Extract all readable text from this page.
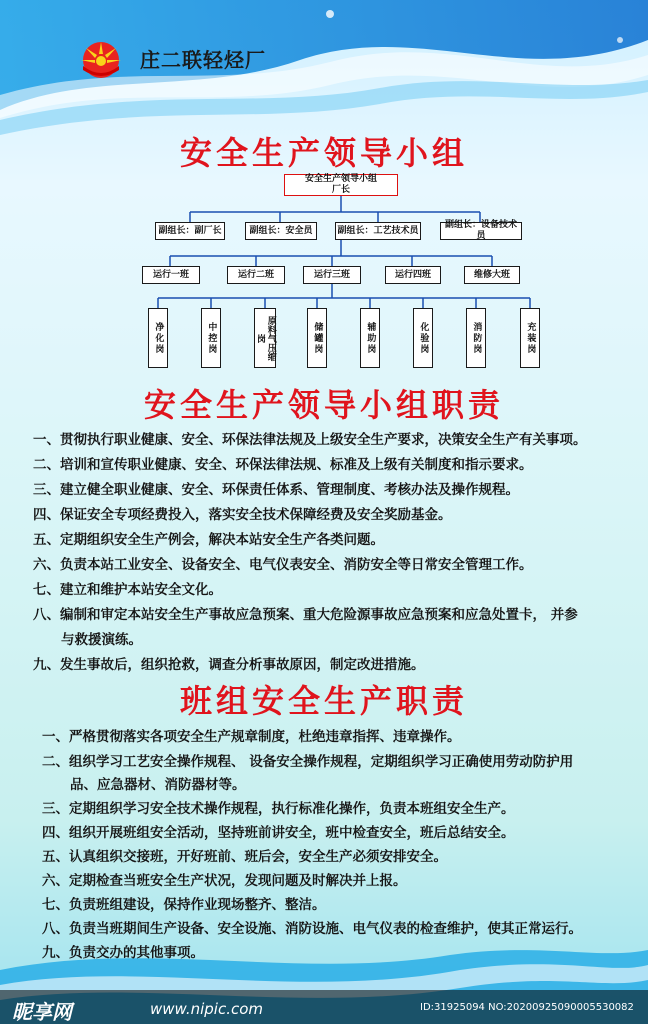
庄二联轻烃厂
安全生产领导小组
安全生产领导小组职责
班组安全生产职责
安全生产领导小组
厂长
副组长：副厂长	副组长：安全员	副组长：工艺技术员
副组长：设备技术员
运行一班	运行二班	运行三班	运行四班	维修大班
净化岗	中控岗	原料气压缩岗	储罐岗	辅助岗	化验岗	消防岗	充装岗
一、贯彻执行职业健康、安全、环保法律法规及上级安全生产要求，决策安全生产有关事项。
二、培训和宣传职业健康、安全、环保法律法规、标准及上级有关制度和指示要求。
三、建立健全职业健康、安全、环保责任体系、管理制度、考核办法及操作规程。
四、保证安全专项经费投入，落实安全技术保障经费及安全奖励基金。
五、定期组织安全生产例会，解决本站安全生产各类问题。
六、负责本站工业安全、设备安全、电气仪表安全、消防安全等日常安全管理工作。
七、建立和维护本站安全文化。
八、编制和审定本站安全生产事故应急预案、重大危险源事故应急预案和应急处置卡， 并参
与救援演练。
九、发生事故后，组织抢救，调查分析事故原因，制定改进措施。
一、严格贯彻落实各项安全生产规章制度，杜绝违章指挥、违章操作。
二、组织学习工艺安全操作规程、 设备安全操作规程，定期组织学习正确使用劳动防护用
品、应急器材、消防器材等。
三、定期组织学习安全技术操作规程，执行标准化操作，负责本班组安全生产。
四、组织开展班组安全活动，坚持班前讲安全，班中检查安全，班后总结安全。
五、认真组织交接班，开好班前、班后会，安全生产必须安排安全。
六、定期检查当班安全生产状况，发现问题及时解决并上报。
七、负责班组建设，保持作业现场整齐、整洁。
八、负责当班期间生产设备、安全设施、消防设施、电气仪表的检查维护，使其正常运行。
九、负责交办的其他事项。
昵享网	www.nipic.com	ID:31925094 NO:20200925090005530082
